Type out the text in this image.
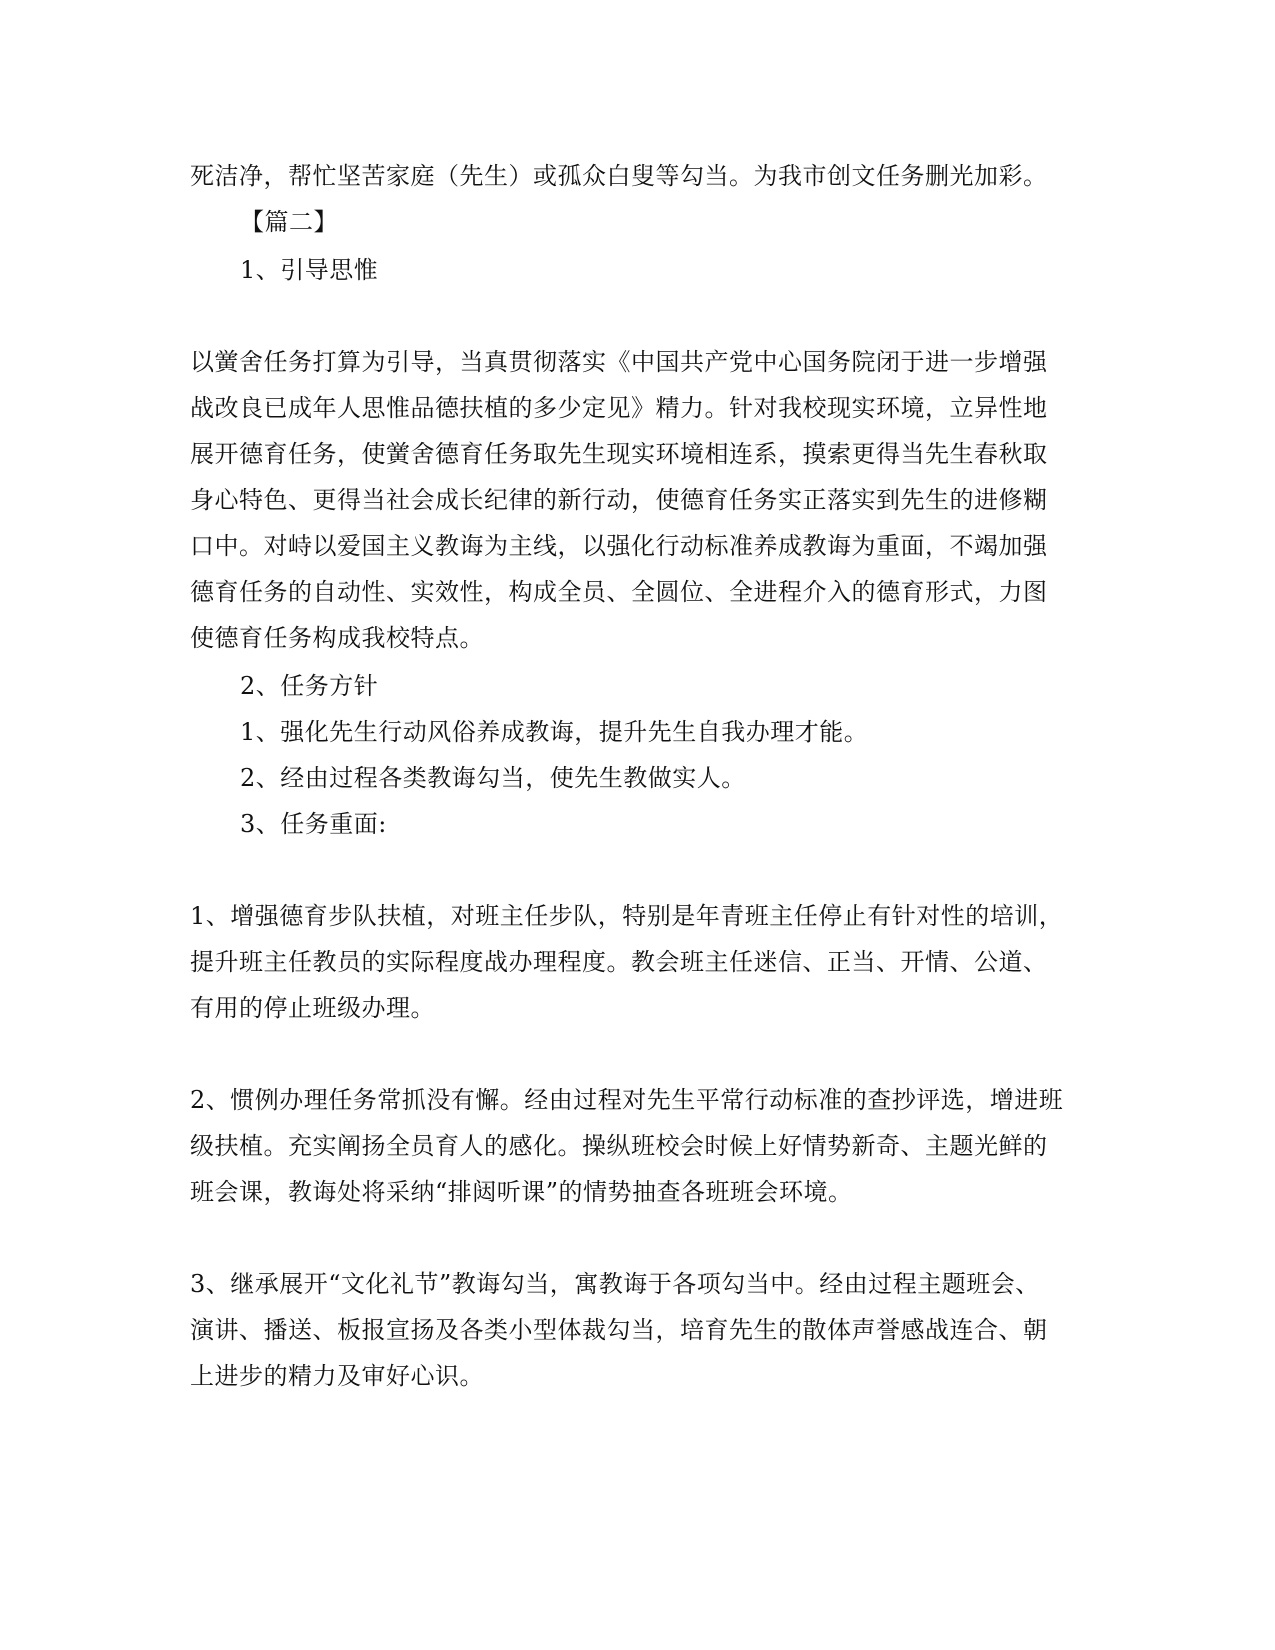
死洁净，帮忙坚苦家庭（先生）或孤众白叟等勾当。为我市创文任务删光加彩。
【篇二】
1、引导思惟
以黉舍任务打算为引导，当真贯彻落实《中国共产党中心国务院闭于进一步增强
战改良已成年人思惟品德扶植的多少定见》精力。针对我校现实环境，立异性地
展开德育任务，使黉舍德育任务取先生现实环境相连系，摸索更得当先生春秋取
身心特色、更得当社会成长纪律的新行动，使德育任务实正落实到先生的进修糊
口中。对峙以爱国主义教诲为主线，以强化行动标准养成教诲为重面，不竭加强
德育任务的自动性、实效性，构成全员、全圆位、全进程介入的德育形式，力图
使德育任务构成我校特点。
2、任务方针
1、强化先生行动风俗养成教诲，提升先生自我办理才能。
2、经由过程各类教诲勾当，使先生教做实人。
3、任务重面:
1、增强德育步队扶植，对班主任步队，特别是年青班主任停止有针对性的培训，
提升班主任教员的实际程度战办理程度。教会班主任迷信、正当、开情、公道、
有用的停止班级办理。
2、惯例办理任务常抓没有懈。经由过程对先生平常行动标准的查抄评选，增进班
级扶植。充实阐扬全员育人的感化。操纵班校会时候上好情势新奇、主题光鲜的
班会课，教诲处将采纳“排闼听课”的情势抽查各班班会环境。
3、继承展开“文化礼节”教诲勾当，寓教诲于各项勾当中。经由过程主题班会、
演讲、播送、板报宣扬及各类小型体裁勾当，培育先生的散体声誉感战连合、朝
上进步的精力及审好心识。
